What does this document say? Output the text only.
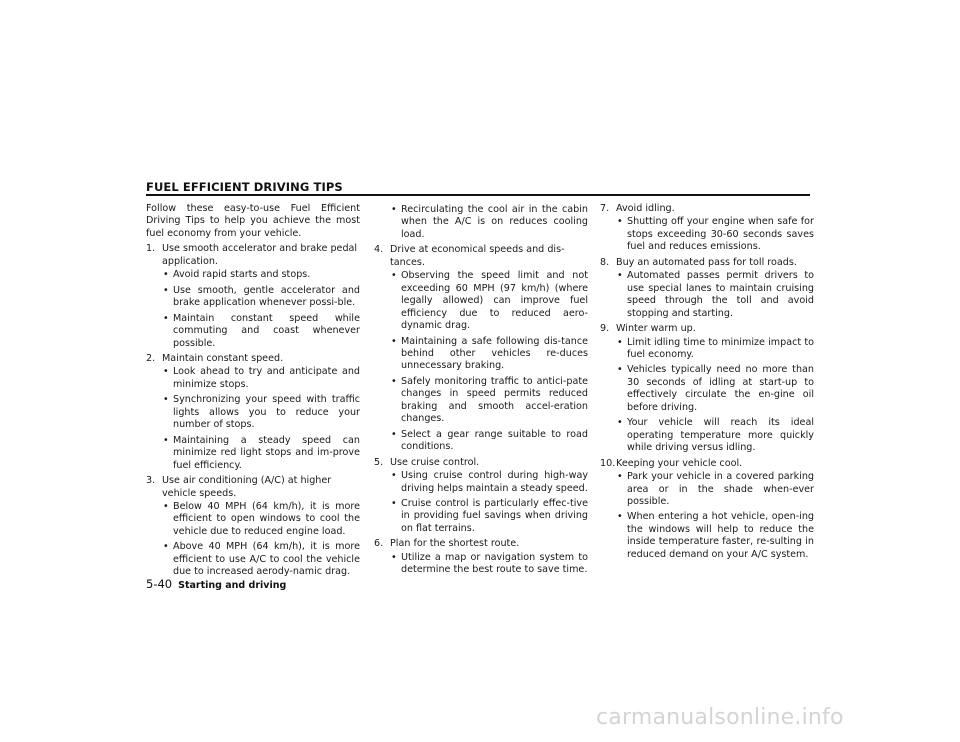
FUEL EFFICIENT DRIVING TIPS

Follow these easy-to-use Fuel Efficient Driving Tips to help you achieve the most fuel economy from your vehicle.

1. Use smooth accelerator and brake pedal application.
• Avoid rapid starts and stops.
• Use smooth, gentle accelerator and brake application whenever possi-ble.
• Maintain constant speed while commuting and coast whenever possible.
2. Maintain constant speed.
• Look ahead to try and anticipate and minimize stops.
• Synchronizing your speed with traffic lights allows you to reduce your number of stops.
• Maintaining a steady speed can minimize red light stops and im-prove fuel efficiency.
3. Use air conditioning (A/C) at higher vehicle speeds.
• Below 40 MPH (64 km/h), it is more efficient to open windows to cool the vehicle due to reduced engine load.
• Above 40 MPH (64 km/h), it is more efficient to use A/C to cool the vehicle due to increased aerody-namic drag.
• Recirculating the cool air in the cabin when the A/C is on reduces cooling load.
4. Drive at economical speeds and dis-tances.
• Observing the speed limit and not exceeding 60 MPH (97 km/h) (where legally allowed) can improve fuel efficiency due to reduced aero-dynamic drag.
• Maintaining a safe following dis-tance behind other vehicles re-duces unnecessary braking.
• Safely monitoring traffic to antici-pate changes in speed permits reduced braking and smooth accel-eration changes.
• Select a gear range suitable to road conditions.
5. Use cruise control.
• Using cruise control during high-way driving helps maintain a steady speed.
• Cruise control is particularly effec-tive in providing fuel savings when driving on flat terrains.
6. Plan for the shortest route.
• Utilize a map or navigation system to determine the best route to save time.
7. Avoid idling.
• Shutting off your engine when safe for stops exceeding 30-60 seconds saves fuel and reduces emissions.
8. Buy an automated pass for toll roads.
• Automated passes permit drivers to use special lanes to maintain cruising speed through the toll and avoid stopping and starting.
9. Winter warm up.
• Limit idling time to minimize impact to fuel economy.
• Vehicles typically need no more than 30 seconds of idling at start-up to effectively circulate the en-gine oil before driving.
• Your vehicle will reach its ideal operating temperature more quickly while driving versus idling.
10. Keeping your vehicle cool.
• Park your vehicle in a covered parking area or in the shade when-ever possible.
• When entering a hot vehicle, open-ing the windows will help to reduce the inside temperature faster, re-sulting in reduced demand on your A/C system.
5-40 Starting and driving
carmanualsonline.info
